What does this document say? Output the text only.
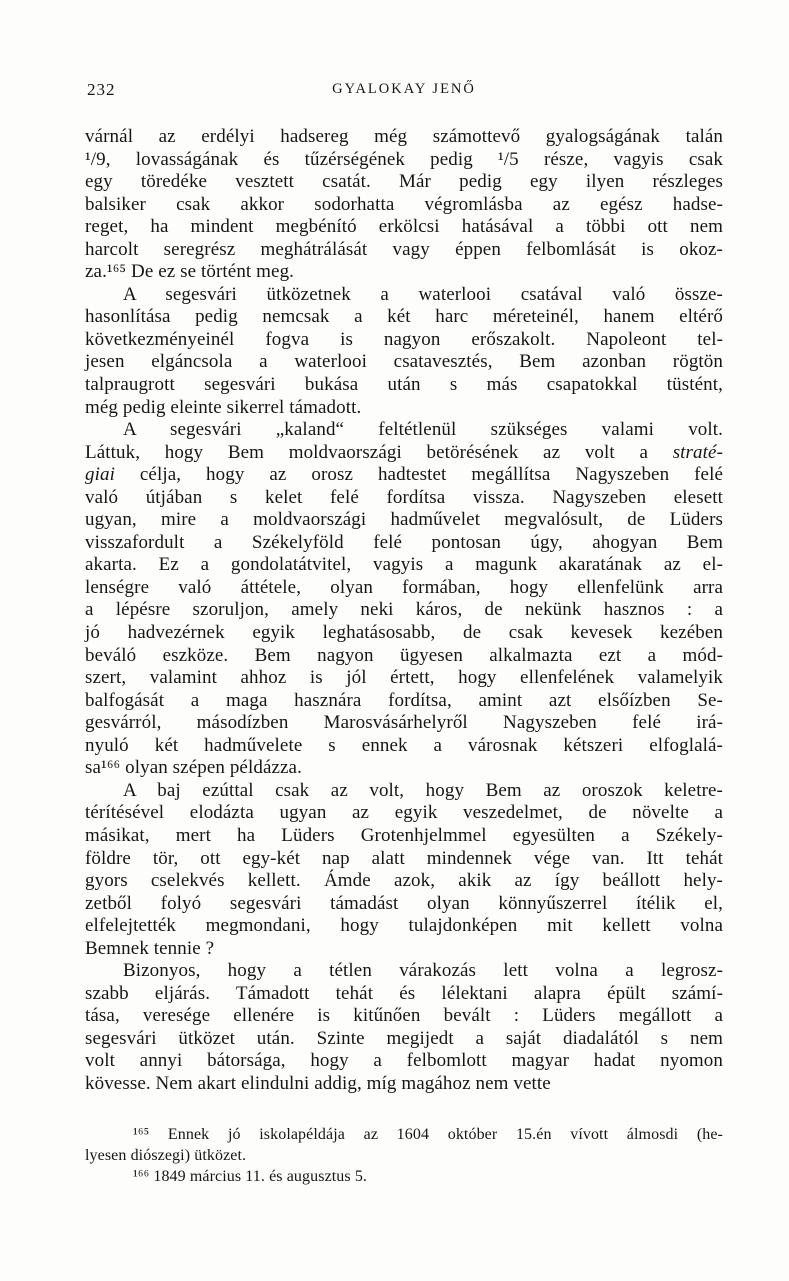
232	GYALOKAY JENŐ
várnál az erdélyi hadsereg még számottevő gyalogságának talán
¹/9, lovasságának és tűzérségének pedig ¹/5 része, vagyis csak
egy töredéke vesztett csatát. Már pedig egy ilyen részleges
balsiker csak akkor sodorhatta végromlásba az egész hadse-
reget, ha mindent megbénító erkölcsi hatásával a többi ott nem
harcolt seregrész meghátrálását vagy éppen felbomlását is okoz-
za.¹⁶⁵ De ez se történt meg.
A segesvári ütközetnek a waterlooi csatával való össze-
hasonlítása pedig nemcsak a két harc méreteinél, hanem eltérő
következményeinél fogva is nagyon erőszakolt. Napoleont tel-
jesen elgáncsola a waterlooi csatavesztés, Bem azonban rögtön
talpraugrott segesvári bukása után s más csapatokkal tüstént,
még pedig eleinte sikerrel támadott.
A segesvári „kaland“ feltétlenül szükséges valami volt.
Láttuk, hogy Bem moldvaországi betörésének az volt a straté-
giai célja, hogy az orosz hadtestet megállítsa Nagyszeben felé
való útjában s kelet felé fordítsa vissza. Nagyszeben elesett
ugyan, mire a moldvaországi hadművelet megvalósult, de Lüders
visszafordult a Székelyföld felé pontosan úgy, ahogyan Bem
akarta. Ez a gondolatátvitel, vagyis a magunk akaratának az el-
lenségre való áttétele, olyan formában, hogy ellenfelünk arra
a lépésre szoruljon, amely neki káros, de nekünk hasznos : a
jó hadvezérnek egyik leghatásosabb, de csak kevesek kezében
beváló eszköze. Bem nagyon ügyesen alkalmazta ezt a mód-
szert, valamint ahhoz is jól értett, hogy ellenfelének valamelyik
balfogását a maga hasznára fordítsa, amint azt elsőízben Se-
gesvárról, másodízben Marosvásárhelyről Nagyszeben felé irá-
nyuló két hadművelete s ennek a városnak kétszeri elfoglalá-
sa¹⁶⁶ olyan szépen példázza.
A baj ezúttal csak az volt, hogy Bem az oroszok keletre-
térítésével elodázta ugyan az egyik veszedelmet, de növelte a
másikat, mert ha Lüders Grotenhjelmmel egyesülten a Székely-
földre tör, ott egy-két nap alatt mindennek vége van. Itt tehát
gyors cselekvés kellett. Ámde azok, akik az így beállott hely-
zetből folyó segesvári támadást olyan könnyűszerrel ítélik el,
elfelejtették megmondani, hogy tulajdonképen mit kellett volna
Bemnek tennie ?
Bizonyos, hogy a tétlen várakozás lett volna a legrosz-
szabb eljárás. Támadott tehát és lélektani alapra épült számí-
tása, veresége ellenére is kitűnően bevált : Lüders megállott a
segesvári ütközet után. Szinte megijedt a saját diadalától s nem
volt annyi bátorsága, hogy a felbomlott magyar hadat nyomon
kövesse. Nem akart elindulni addig, míg magához nem vette
¹⁶⁵ Ennek jó iskolapéldája az 1604 október 15.én vívott álmosdi (he-
lyesen diószegi) ütközet.
¹⁶⁶ 1849 március 11. és augusztus 5.
